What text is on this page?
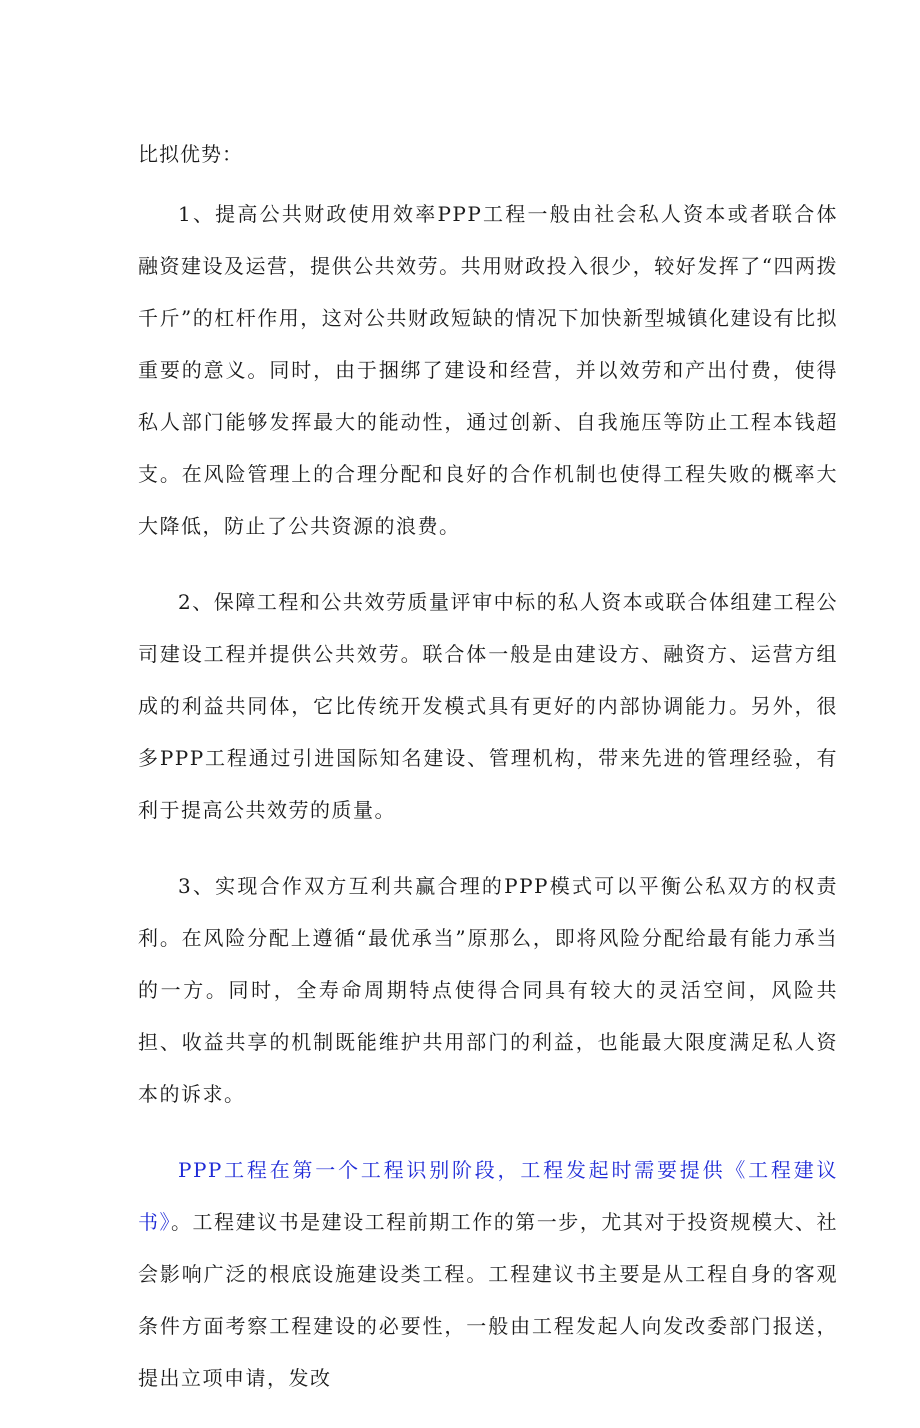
比拟优势：

1、提高公共财政使用效率PPP工程一般由社会私人资本或者联合体融资建设及运营，提供公共效劳。共用财政投入很少，较好发挥了“四两拨千斤”的杠杆作用，这对公共财政短缺的情况下加快新型城镇化建设有比拟重要的意义。同时，由于捆绑了建设和经营，并以效劳和产出付费，使得私人部门能够发挥最大的能动性，通过创新、自我施压等防止工程本钱超支。在风险管理上的合理分配和良好的合作机制也使得工程失败的概率大大降低，防止了公共资源的浪费。

2、保障工程和公共效劳质量评审中标的私人资本或联合体组建工程公司建设工程并提供公共效劳。联合体一般是由建设方、融资方、运营方组成的利益共同体，它比传统开发模式具有更好的内部协调能力。另外，很多PPP工程通过引进国际知名建设、管理机构，带来先进的管理经验，有利于提高公共效劳的质量。

3、实现合作双方互利共赢合理的PPP模式可以平衡公私双方的权责利。在风险分配上遵循“最优承当”原那么，即将风险分配给最有能力承当的一方。同时，全寿命周期特点使得合同具有较大的灵活空间，风险共担、收益共享的机制既能维护共用部门的利益，也能最大限度满足私人资本的诉求。

PPP工程在第一个工程识别阶段，工程发起时需要提供《工程建议书》。工程建议书是建设工程前期工作的第一步，尤其对于投资规模大、社会影响广泛的根底设施建设类工程。工程建议书主要是从工程自身的客观条件方面考察工程建设的必要性，一般由工程发起人向发改委部门报送，提出立项申请，发改
